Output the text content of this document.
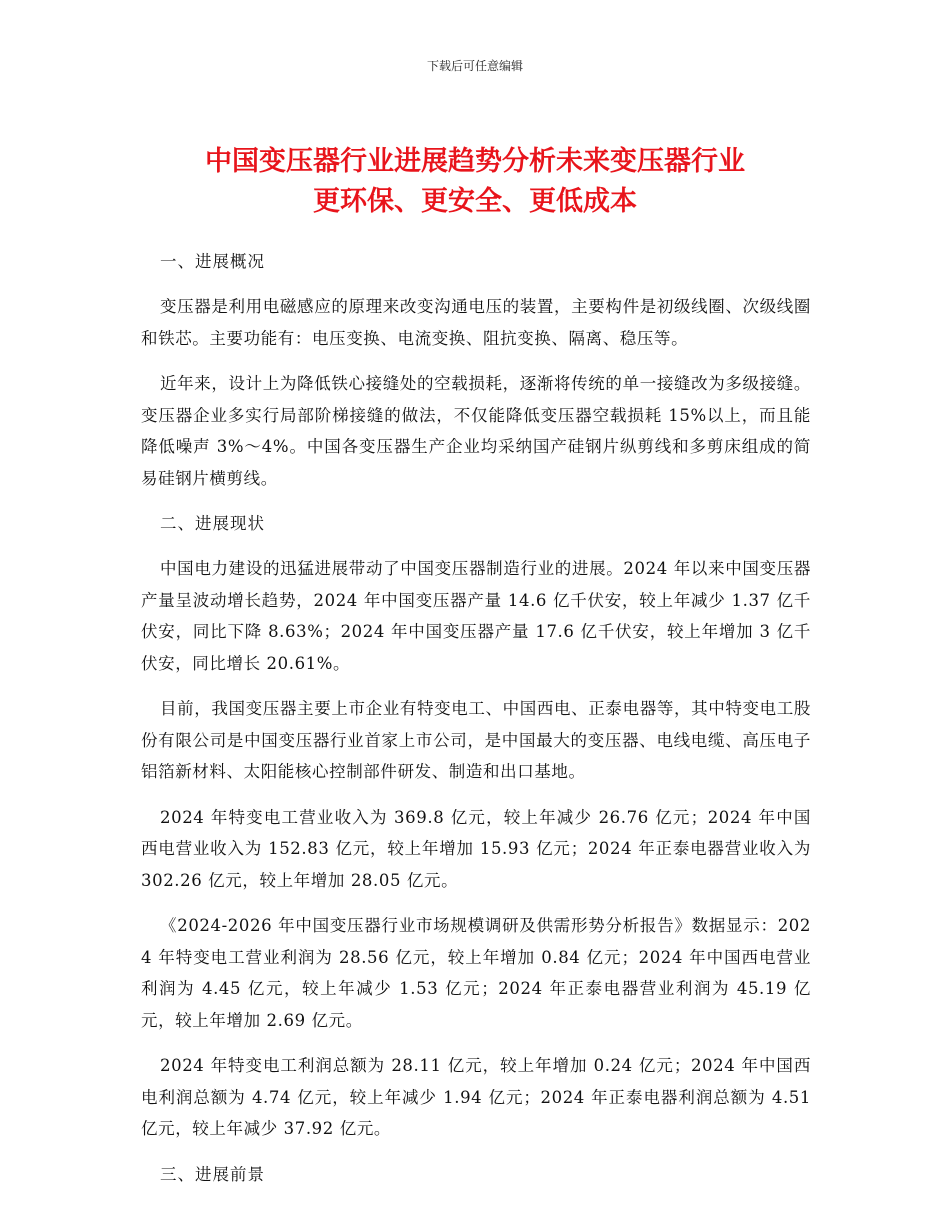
下载后可任意编辑
中国变压器行业进展趋势分析未来变压器行业
更环保、更安全、更低成本

一、进展概况

变压器是利用电磁感应的原理来改变沟通电压的装置，主要构件是初级线圈、次级线圈和铁芯。主要功能有：电压变换、电流变换、阻抗变换、隔离、稳压等。

近年来，设计上为降低铁心接缝处的空载损耗，逐渐将传统的单一接缝改为多级接缝。变压器企业多实行局部阶梯接缝的做法，不仅能降低变压器空载损耗 15%以上，而且能降低噪声 3%～4%。中国各变压器生产企业均采纳国产硅钢片纵剪线和多剪床组成的简易硅钢片横剪线。

二、进展现状

中国电力建设的迅猛进展带动了中国变压器制造行业的进展。2024 年以来中国变压器产量呈波动增长趋势，2024 年中国变压器产量 14.6 亿千伏安，较上年减少 1.37 亿千伏安，同比下降 8.63%；2024 年中国变压器产量 17.6 亿千伏安，较上年增加 3 亿千伏安，同比增长 20.61%。

目前，我国变压器主要上市企业有特变电工、中国西电、正泰电器等，其中特变电工股份有限公司是中国变压器行业首家上市公司，是中国最大的变压器、电线电缆、高压电子铝箔新材料、太阳能核心控制部件研发、制造和出口基地。

2024 年特变电工营业收入为 369.8 亿元，较上年减少 26.76 亿元；2024 年中国西电营业收入为 152.83 亿元，较上年增加 15.93 亿元；2024 年正泰电器营业收入为 302.26 亿元，较上年增加 28.05 亿元。

《2024-2026 年中国变压器行业市场规模调研及供需形势分析报告》数据显示：2024 年特变电工营业利润为 28.56 亿元，较上年增加 0.84 亿元；2024 年中国西电营业利润为 4.45 亿元，较上年减少 1.53 亿元；2024 年正泰电器营业利润为 45.19 亿元，较上年增加 2.69 亿元。

2024 年特变电工利润总额为 28.11 亿元，较上年增加 0.24 亿元；2024 年中国西电利润总额为 4.74 亿元，较上年减少 1.94 亿元；2024 年正泰电器利润总额为 4.51 亿元，较上年减少 37.92 亿元。

三、进展前景
